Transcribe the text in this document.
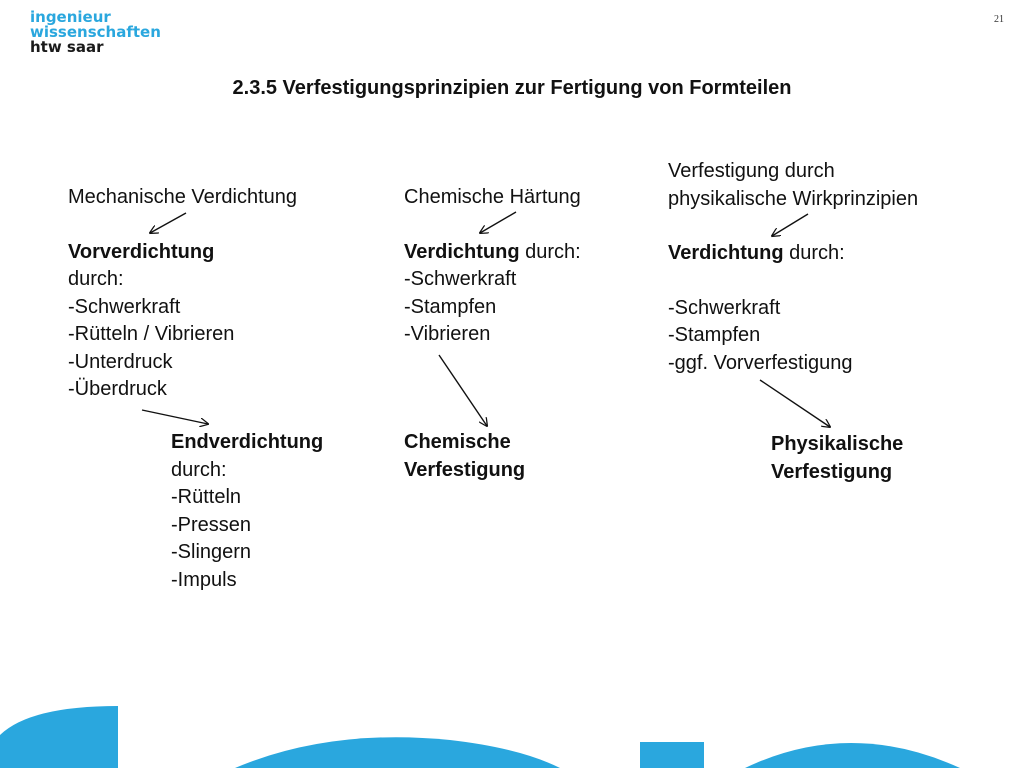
ingenieur
wissenschaften
htw saar
21
2.3.5 Verfestigungsprinzipien zur Fertigung von Formteilen
Mechanische Verdichtung
Vorverdichtung
durch:
-Schwerkraft
-Rütteln / Vibrieren
-Unterdruck
-Überdruck
Endverdichtung
durch:
-Rütteln
-Pressen
-Slingern
-Impuls
Chemische Härtung
Verdichtung durch:
-Schwerkraft
-Stampfen
-Vibrieren
Chemische
Verfestigung
Verfestigung durch
physikalische Wirkprinzipien
Verdichtung durch:
-Schwerkraft
-Stampfen
-ggf. Vorverfestigung
Physikalische
Verfestigung
